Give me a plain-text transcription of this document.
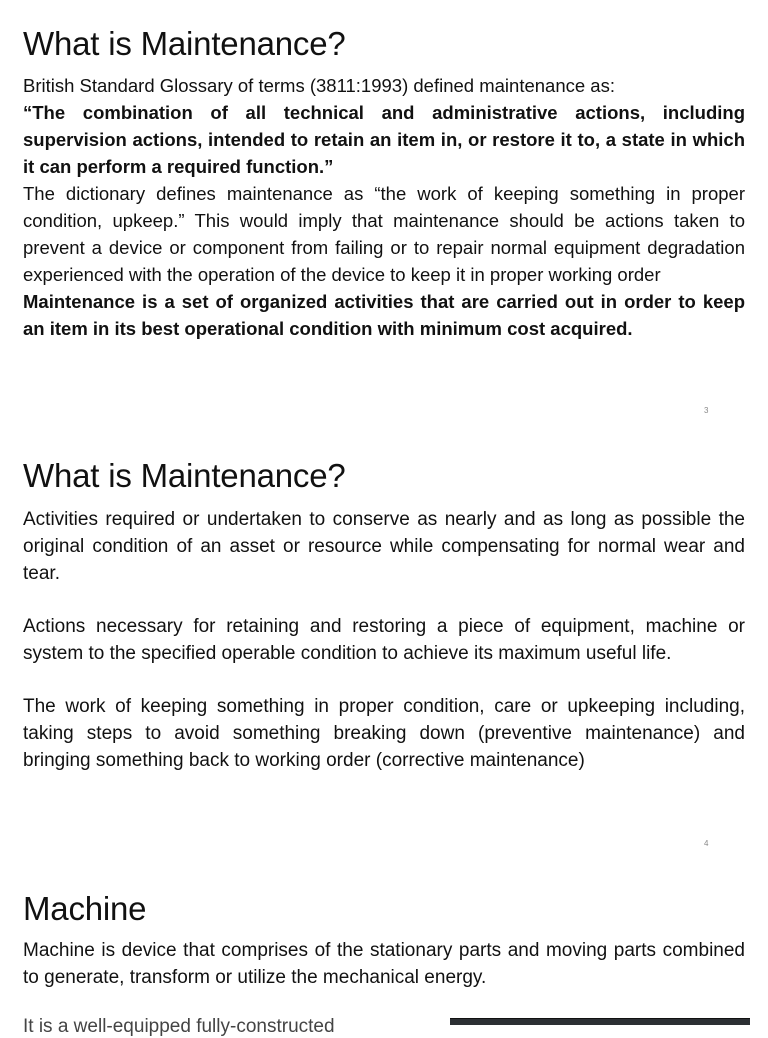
What is Maintenance?

British Standard Glossary of terms (3811:1993) defined maintenance as:

“The combination of all technical and administrative actions, including supervision actions, intended to retain an item in, or restore it to, a state in which it can perform a required function.”

The dictionary defines maintenance as “the work of keeping something in proper condition, upkeep.” This would imply that maintenance should be actions taken to prevent a device or component from failing or to repair normal equipment degradation experienced with the operation of the device to keep it in proper working order

Maintenance is a set of organized activities that are carried out in order to keep an item in its best operational condition with minimum cost acquired.

3
What is Maintenance?

Activities required or undertaken to conserve as nearly and as long as possible the original condition of an asset or resource while compensating for normal wear and tear.

Actions necessary for retaining and restoring a piece of equipment, machine or system to the specified operable condition to achieve its maximum useful life.

The work of keeping something in proper condition, care or upkeeping including, taking steps to avoid something breaking down (preventive maintenance) and bringing something back to working order (corrective maintenance)

4
Machine

Machine is device that comprises of the stationary parts and moving parts combined to generate, transform or utilize the mechanical energy.

It is a well-equipped fully-constructed
